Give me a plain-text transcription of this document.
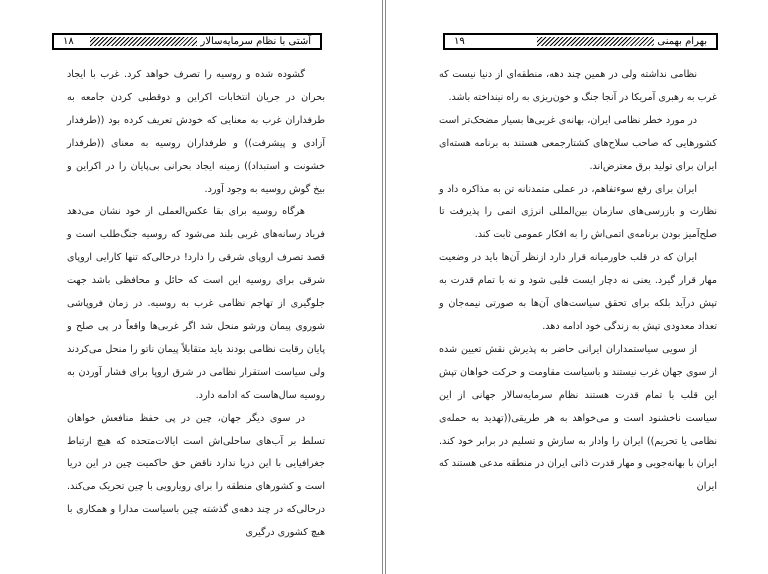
۱۸	آشتی با نظام سرمایه‌سالار

گشوده شده و روسیه را تصرف خواهد کرد. غرب با ایجاد بحران در جریان انتخابات اکراین و دوقطبی کردن جامعه به طرفداران غرب به معنایی که خودش تعریف کرده بود ((طرفدار آزادی و پیشرفت)) و طرفداران روسیه به معنای ((طرفدار خشونت و استبداد)) زمینه ایجاد بحرانی بی‌پایان را در اکراین و بیخ گوش روسیه به وجود آورد.

هرگاه روسیه برای بقا عکس‌العملی از خود نشان می‌دهد فریاد رسانه‌های غربی بلند می‌شود که روسیه جنگ‌طلب است و قصد تصرف اروپای شرقی را دارد! درحالی‌که تنها کارایی اروپای شرقی برای روسیه این است که حائل و محافظی باشد جهت جلوگیری از تهاجم نظامی غرب به روسیه. در زمان فروپاشی شوروی پیمان ورشو منحل شد اگر غربی‌ها واقعاً در پی صلح و پایان رقابت نظامی بودند باید متقابلاً پیمان ناتو را منحل می‌کردند ولی سیاست استقرار نظامی در شرق اروپا برای فشار آوردن به روسیه سال‌هاست که ادامه دارد.

در سوی دیگر جهان، چین در پی حفظ منافعش خواهان تسلط بر آب‌های ساحلی‌اش است ایالات‌متحده که هیچ ارتباط جغرافیایی با این دریا ندارد ناقض حق حاکمیت چین در این دریا است و کشورهای منطقه را برای رویارویی با چین تحریک می‌کند. درحالی‌که در چند دهه‌ی گذشته چین باسیاست مدارا و همکاری با هیچ کشوری درگیری

۱۹	بهرام بهمنی

نظامی نداشته ولی در همین چند دهه، منطقه‌ای از دنیا نیست که غرب به رهبری آمریکا در آنجا جنگ و خون‌ریزی به راه نینداخته باشد.

در مورد خطر نظامی ایران، بهانه‌ی غربی‌ها بسیار مضحک‌تر است کشورهایی که صاحب سلاح‌های کشتارجمعی هستند به برنامه هسته‌ای ایران برای تولید برق معترض‌اند.

ایران برای رفع سوءتفاهم، در عملی متمدنانه تن به مذاکره داد و نظارت و بازرسی‌های سازمان بین‌المللی انرژی اتمی را پذیرفت تا صلح‌آمیز بودن برنامه‌ی اتمی‌اش را به افکار عمومی ثابت کند.

ایران که در قلب خاورمیانه قرار دارد ازنظر آن‌ها باید در وضعیت مهار قرار گیرد. یعنی نه دچار ایست قلبی شود و نه با تمام قدرت به تپش درآید بلکه برای تحقق سیاست‌های آن‌ها به صورتی نیمه‌جان و تعداد معدودی تپش به زندگی خود ادامه دهد.

از سویی سیاستمداران ایرانی حاضر به پذیرش نقش تعیین شده از سوی جهان غرب نیستند و باسیاست مقاومت و حرکت خواهان تپش این قلب با تمام قدرت هستند نظام سرمایه‌سالار جهانی از این سیاست ناخشنود است و می‌خواهد به هر طریقی((تهدید به حمله‌ی نظامی یا تحریم)) ایران را وادار به سازش و تسلیم در برابر خود کند. ایران با بهانه‌جویی و مهار قدرت ذاتی ایران در منطقه مدعی هستند که ایران
